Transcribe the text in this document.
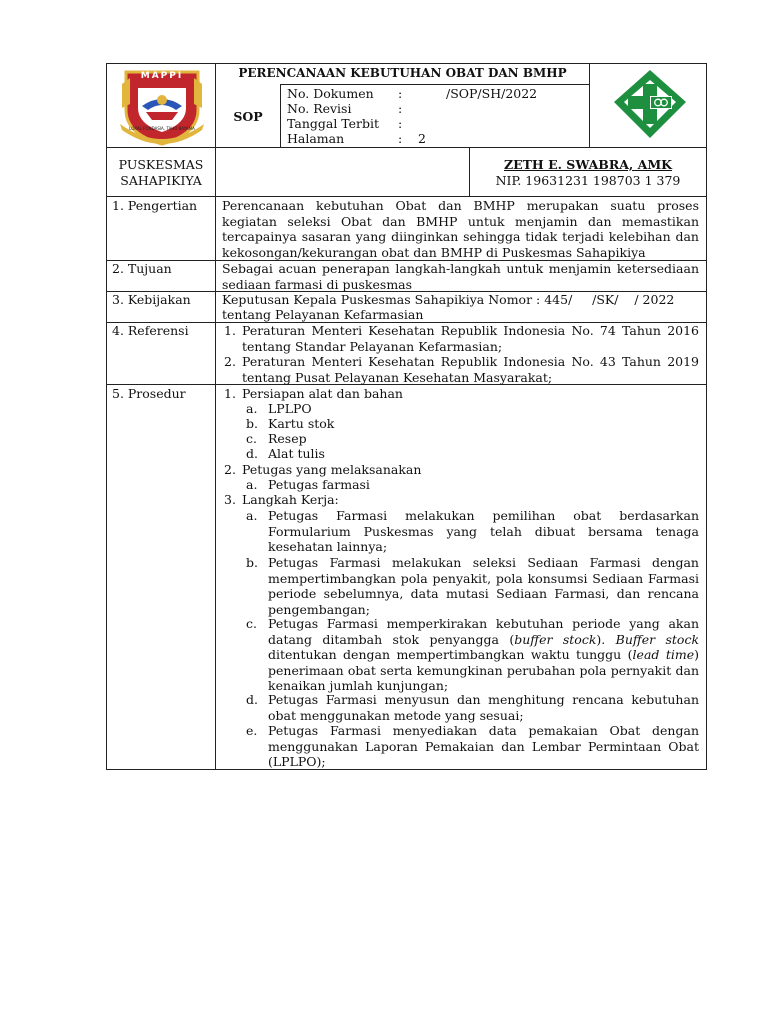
MAPPI
LOKAL FONDASIA, TAHO BAYAMA
PERENCANAAN KEBUTUHAN OBAT DAN BMHP
SOP
No. Dokumen :	/SOP/SH/2022
No. Revisi	:
Tanggal Terbit :
Halaman	: 2
PUSKESMAS
SAHAPIKIYA
ZETH E. SWABRA, AMK
NIP. 19631231 198703 1 379
1. Pengertian Perencanaan kebutuhan Obat dan BMHP merupakan suatu proses kegiatan seleksi Obat dan BMHP untuk menjamin dan memastikan tercapainya sasaran yang diinginkan sehingga tidak terjadi kelebihan dan kekosongan/kekurangan obat dan BMHP di Puskesmas Sahapikiya
2. Tujuan	Sebagai acuan penerapan langkah-langkah untuk menjamin ketersediaan sediaan farmasi di puskesmas
3. Kebijakan	Keputusan Kepala Puskesmas Sahapikiya Nomor : 445/     /SK/    / 2022
tentang Pelayanan Kefarmasian
4. Referensi	1. Peraturan Menteri Kesehatan Republik Indonesia No. 74 Tahun 2016 tentang Standar Pelayanan Kefarmasian;
2. Peraturan Menteri Kesehatan Republik Indonesia No. 43 Tahun 2019 tentang Pusat Pelayanan Kesehatan Masyarakat;
5. Prosedur	1. Persiapan alat dan bahan
a. LPLPO
b. Kartu stok
c. Resep
d. Alat tulis
2. Petugas yang melaksanakan
a. Petugas farmasi
3. Langkah Kerja:
a. Petugas Farmasi melakukan pemilihan obat berdasarkan Formularium Puskesmas yang telah dibuat bersama tenaga kesehatan lainnya;
b. Petugas Farmasi melakukan seleksi Sediaan Farmasi dengan mempertimbangkan pola penyakit, pola konsumsi Sediaan Farmasi periode sebelumnya, data mutasi Sediaan Farmasi, dan rencana pengembangan;
c. Petugas Farmasi memperkirakan kebutuhan periode yang akan datang ditambah stok penyangga (buffer stock). Buffer stock ditentukan dengan mempertimbangkan waktu tunggu (lead time) penerimaan obat serta kemungkinan perubahan pola pernyakit dan kenaikan jumlah kunjungan;
d. Petugas Farmasi menyusun dan menghitung rencana kebutuhan obat menggunakan metode yang sesuai;
e. Petugas Farmasi menyediakan data pemakaian Obat dengan menggunakan Laporan Pemakaian dan Lembar Permintaan Obat (LPLPO);
